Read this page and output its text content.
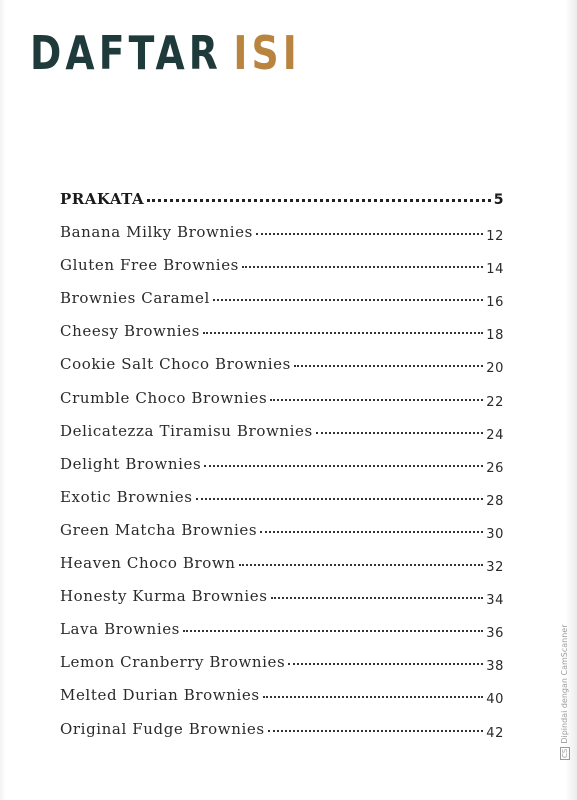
DAFTAR ISI
PRAKATA	5
Banana Milky Brownies	12
Gluten Free Brownies	14
Brownies Caramel	16
Cheesy Brownies	18
Cookie Salt Choco Brownies	20
Crumble Choco Brownies	22
Delicatezza Tiramisu Brownies	24
Delight Brownies	26
Exotic Brownies	28
Green Matcha Brownies	30
Heaven Choco Brown	32
Honesty Kurma Brownies	34
Lava Brownies	36
Lemon Cranberry Brownies	38
Melted Durian Brownies	40
Original Fudge Brownies	42
CSDipindai dengan CamScanner
